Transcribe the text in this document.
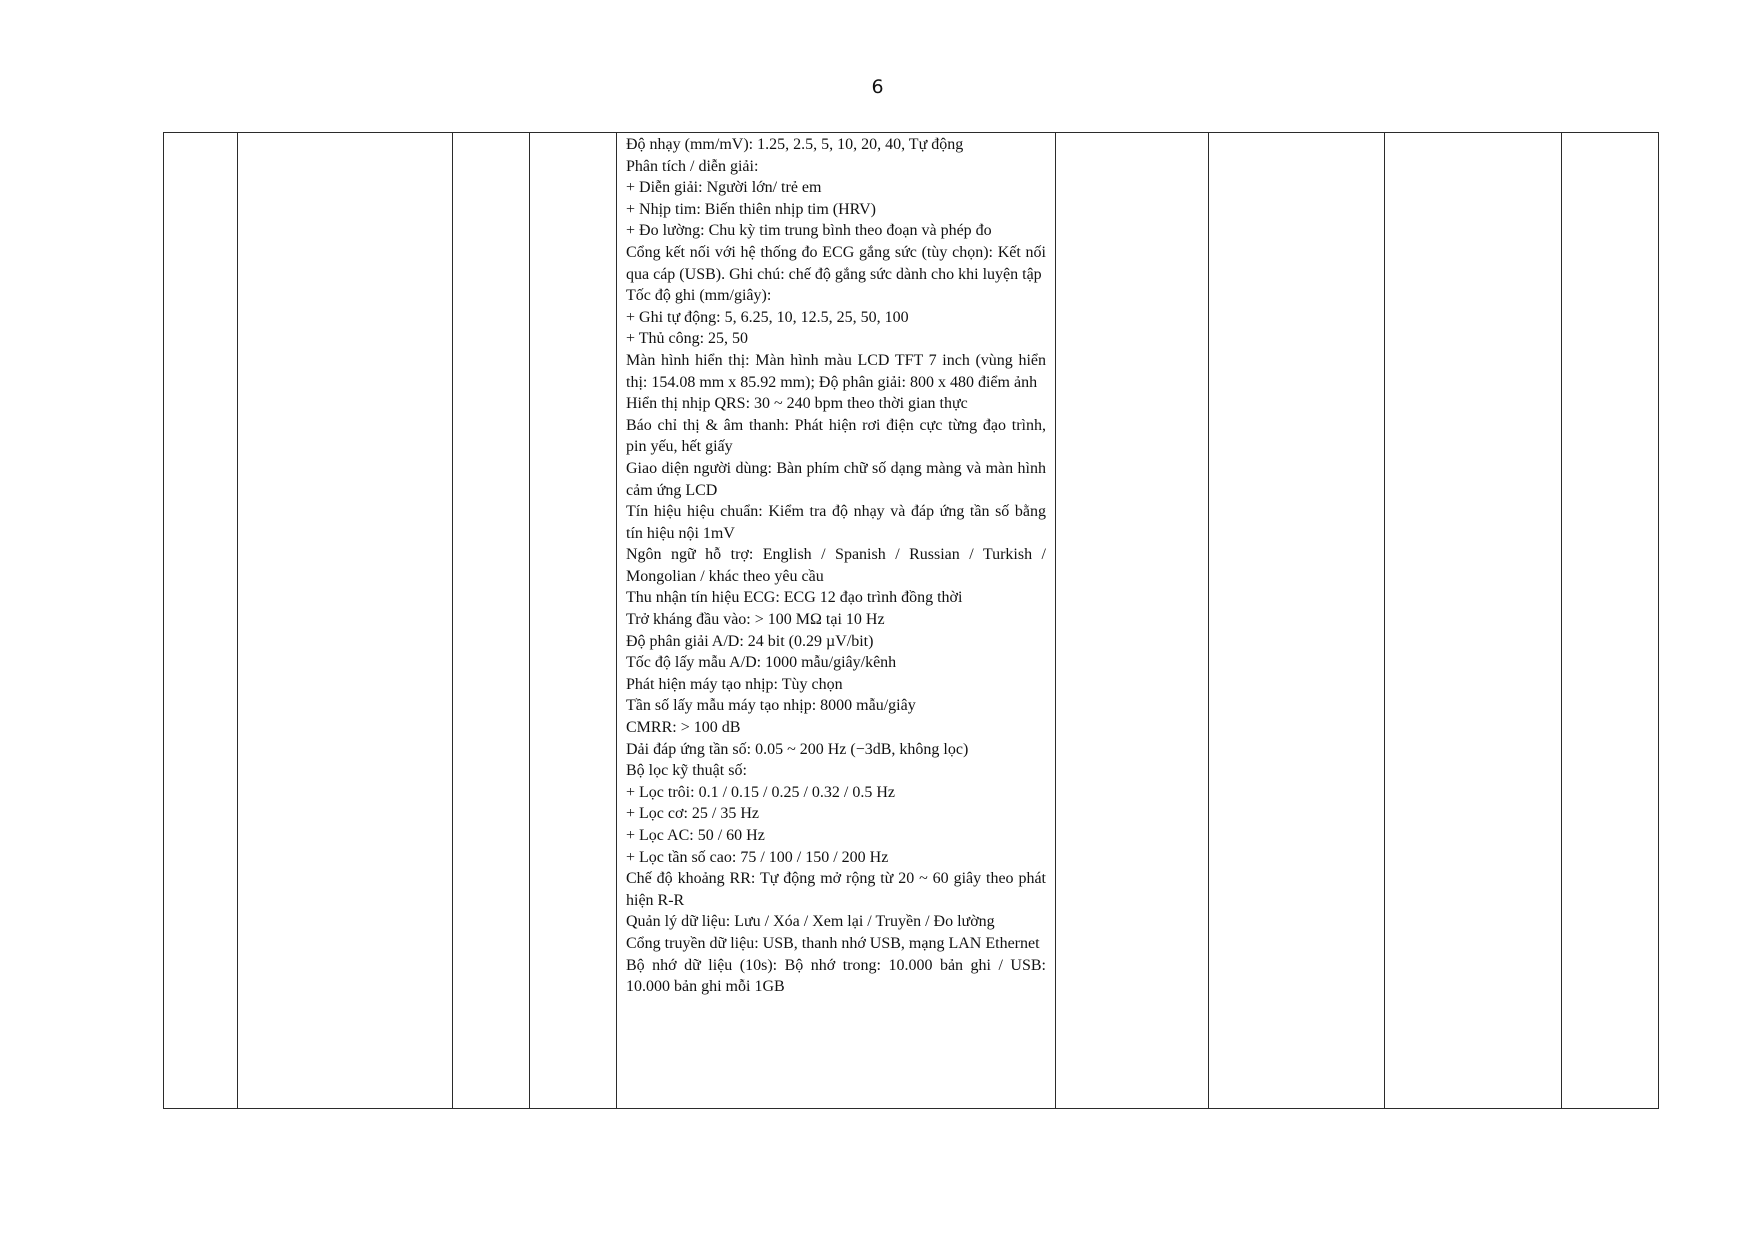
6

Độ nhạy (mm/mV): 1.25, 2.5, 5, 10, 20, 40, Tự động
Phân tích / diễn giải:
+ Diễn giải: Người lớn/ trẻ em
+ Nhịp tim: Biến thiên nhịp tim (HRV)
+ Đo lường: Chu kỳ tim trung bình theo đoạn và phép đo
Cổng kết nối với hệ thống đo ECG gắng sức (tùy chọn): Kết nối qua cáp (USB). Ghi chú: chế độ gắng sức dành cho khi luyện tập
Tốc độ ghi (mm/giây):
+ Ghi tự động: 5, 6.25, 10, 12.5, 25, 50, 100
+ Thủ công: 25, 50
Màn hình hiển thị: Màn hình màu LCD TFT 7 inch (vùng hiển thị: 154.08 mm x 85.92 mm); Độ phân giải: 800 x 480 điểm ảnh
Hiển thị nhịp QRS: 30 ~ 240 bpm theo thời gian thực
Báo chỉ thị & âm thanh: Phát hiện rơi điện cực từng đạo trình, pin yếu, hết giấy
Giao diện người dùng: Bàn phím chữ số dạng màng và màn hình cảm ứng LCD
Tín hiệu hiệu chuẩn: Kiểm tra độ nhạy và đáp ứng tần số bằng tín hiệu nội 1mV
Ngôn ngữ hỗ trợ: English / Spanish / Russian / Turkish / Mongolian / khác theo yêu cầu
Thu nhận tín hiệu ECG: ECG 12 đạo trình đồng thời
Trở kháng đầu vào: > 100 MΩ tại 10 Hz
Độ phân giải A/D: 24 bit (0.29 µV/bit)
Tốc độ lấy mẫu A/D: 1000 mẫu/giây/kênh
Phát hiện máy tạo nhịp: Tùy chọn
Tần số lấy mẫu máy tạo nhịp: 8000 mẫu/giây
CMRR: > 100 dB
Dải đáp ứng tần số: 0.05 ~ 200 Hz (−3dB, không lọc)
Bộ lọc kỹ thuật số:
+ Lọc trôi: 0.1 / 0.15 / 0.25 / 0.32 / 0.5 Hz
+ Lọc cơ: 25 / 35 Hz
+ Lọc AC: 50 / 60 Hz
+ Lọc tần số cao: 75 / 100 / 150 / 200 Hz
Chế độ khoảng RR: Tự động mở rộng từ 20 ~ 60 giây theo phát hiện R-R
Quản lý dữ liệu: Lưu / Xóa / Xem lại / Truyền / Đo lường
Cổng truyền dữ liệu: USB, thanh nhớ USB, mạng LAN Ethernet
Bộ nhớ dữ liệu (10s): Bộ nhớ trong: 10.000 bản ghi / USB: 10.000 bản ghi mỗi 1GB
